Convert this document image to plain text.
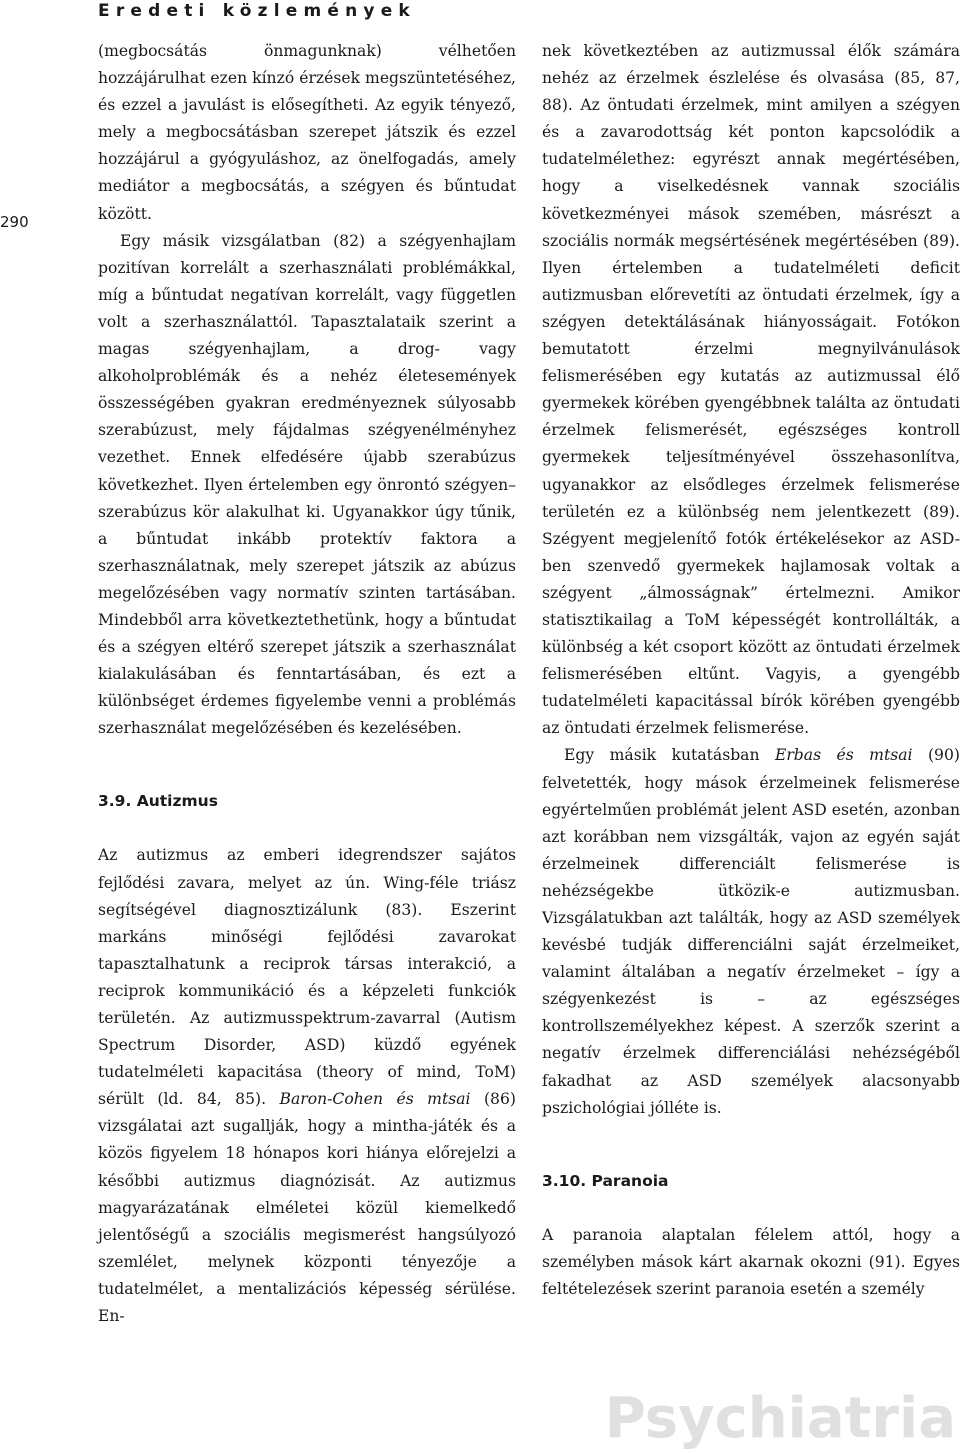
Eredeti közlemények
290

(megbocsátás önmagunknak) vélhetően hozzájárulhat ezen kínzó érzések megszüntetéséhez, és ezzel a javulást is elősegítheti. Az egyik tényező, mely a megbocsátásban szerepet játszik és ezzel hozzájárul a gyógyuláshoz, az önelfogadás, amely mediátor a megbocsátás, a szégyen és bűntudat között.

Egy másik vizsgálatban (82) a szégyenhajlam pozitívan korrelált a szerhasználati problémákkal, míg a bűntudat negatívan korrelált, vagy független volt a szerhasználattól. Tapasztalataik szerint a magas szégyenhajlam, a drog- vagy alkoholproblémák és a nehéz életesemények összességében gyakran eredményeznek súlyosabb szerabúzust, mely fájdalmas szégyenélményhez vezethet. Ennek elfedésére újabb szerabúzus következhet. Ilyen értelemben egy önrontó szégyen–szerabúzus kör alakulhat ki. Ugyanakkor úgy tűnik, a bűntudat inkább protektív faktora a szerhasználatnak, mely szerepet játszik az abúzus megelőzésében vagy normatív szinten tartásában. Mindebből arra következtethetünk, hogy a bűntudat és a szégyen eltérő szerepet játszik a szerhasználat kialakulásában és fenntartásában, és ezt a különbséget érdemes figyelembe venni a problémás szerhasználat megelőzésében és kezelésében.

3.9. Autizmus

Az autizmus az emberi idegrendszer sajátos fejlődési zavara, melyet az ún. Wing-féle triász segítségével diagnosztizálunk (83). Eszerint markáns minőségi fejlődési zavarokat tapasztalhatunk a reciprok társas interakció, a reciprok kommunikáció és a képzeleti funkciók területén. Az autizmusspektrum-zavarral (Autism Spectrum Disorder, ASD) küzdő egyének tudatelméleti kapacitása (theory of mind, ToM) sérült (ld. 84, 85). Baron-Cohen és mtsai (86) vizsgálatai azt sugallják, hogy a mintha-játék és a közös figyelem 18 hónapos kori hiánya előrejelzi a későbbi autizmus diagnózisát. Az autizmus magyarázatának elméletei közül kiemelkedő jelentőségű a szociális megismerést hangsúlyozó szemlélet, melynek központi tényezője a tudatelmélet, a mentalizációs képesség sérülése. En-

nek következtében az autizmussal élők számára nehéz az érzelmek észlelése és olvasása (85, 87, 88). Az öntudati érzelmek, mint amilyen a szégyen és a zavarodottság két ponton kapcsolódik a tudatelmélethez: egyrészt annak megértésében, hogy a viselkedésnek vannak szociális következményei mások szemében, másrészt a szociális normák megsértésének megértésében (89). Ilyen értelemben a tudatelméleti deficit autizmusban előrevetíti az öntudati érzelmek, így a szégyen detektálásának hiányosságait. Fotókon bemutatott érzelmi megnyilvánulások felismerésében egy kutatás az autizmussal élő gyermekek körében gyengébbnek találta az öntudati érzelmek felismerését, egészséges kontroll gyermekek teljesítményével összehasonlítva, ugyanakkor az elsődleges érzelmek felismerése területén ez a különbség nem jelentkezett (89). Szégyent megjelenítő fotók értékelésekor az ASD-ben szenvedő gyermekek hajlamosak voltak a szégyent „álmosságnak” értelmezni. Amikor statisztikailag a ToM képességét kontrollálták, a különbség a két csoport között az öntudati érzelmek felismerésében eltűnt. Vagyis, a gyengébb tudatelméleti kapacitással bírók körében gyengébb az öntudati érzelmek felismerése.

Egy másik kutatásban Erbas és mtsai (90) felvetették, hogy mások érzelmeinek felismerése egyértelműen problémát jelent ASD esetén, azonban azt korábban nem vizsgálták, vajon az egyén saját érzelmeinek differenciált felismerése is nehézségekbe ütközik-e autizmusban. Vizsgálatukban azt találták, hogy az ASD személyek kevésbé tudják differenciálni saját érzelmeiket, valamint általában a negatív érzelmeket – így a szégyenkezést is – az egészséges kontrollszemélyekhez képest. A szerzők szerint a negatív érzelmek differenciálási nehézségéből fakadhat az ASD személyek alacsonyabb pszichológiai jólléte is.

3.10. Paranoia

A paranoia alaptalan félelem attól, hogy a személyben mások kárt akarnak okozni (91). Egyes feltételezések szerint paranoia esetén a személy

Psychiatria
